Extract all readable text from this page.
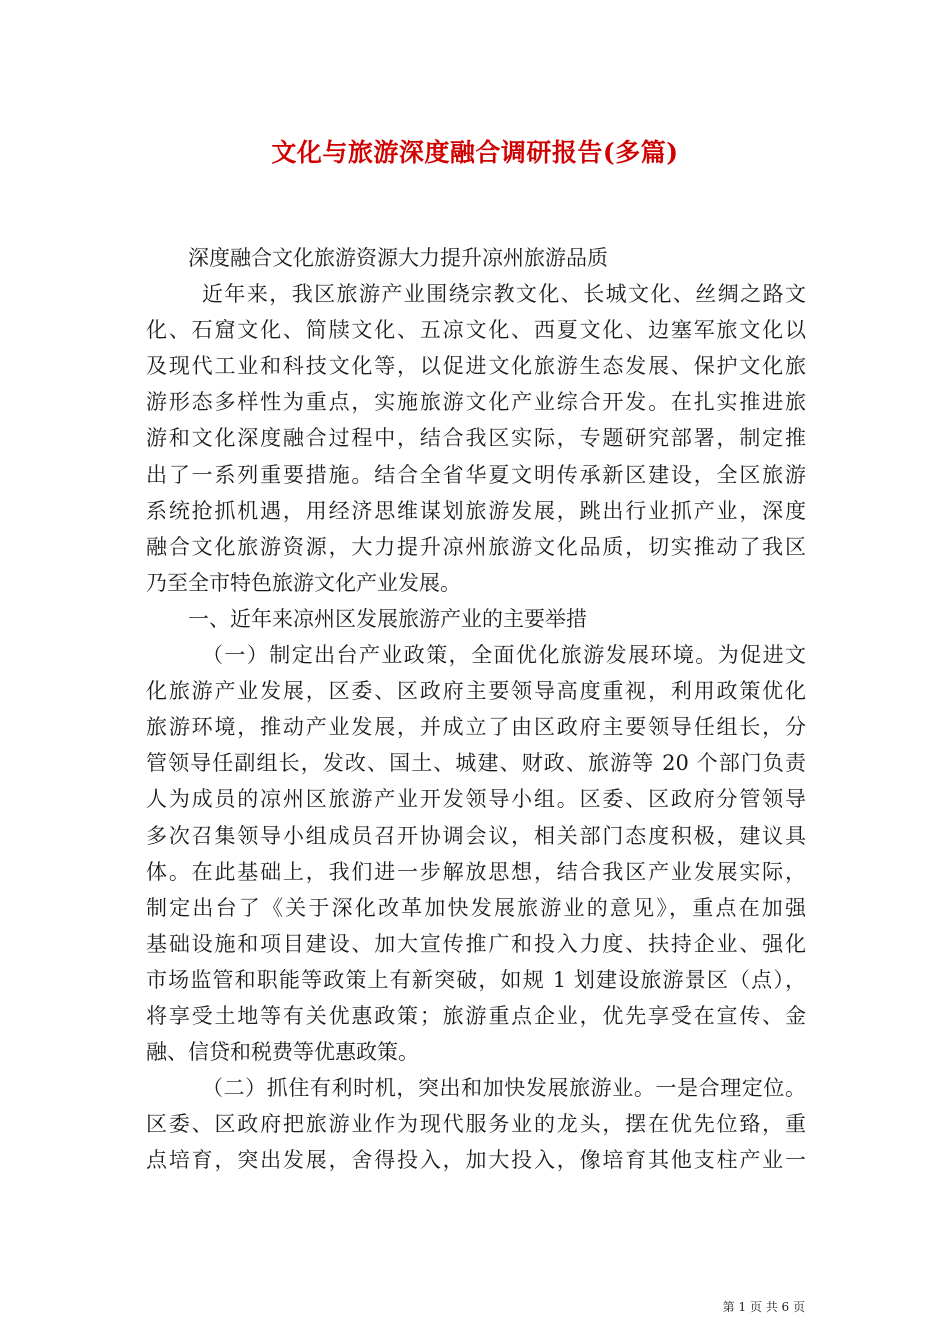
文化与旅游深度融合调研报告(多篇)
深度融合文化旅游资源大力提升凉州旅游品质
近年来，我区旅游产业围绕宗教文化、长城文化、丝绸之路文
化、石窟文化、简牍文化、五凉文化、西夏文化、边塞军旅文化以
及现代工业和科技文化等，以促进文化旅游生态发展、保护文化旅
游形态多样性为重点，实施旅游文化产业综合开发。在扎实推进旅
游和文化深度融合过程中，结合我区实际，专题研究部署，制定推
出了一系列重要措施。结合全省华夏文明传承新区建设，全区旅游
系统抢抓机遇，用经济思维谋划旅游发展，跳出行业抓产业，深度
融合文化旅游资源，大力提升凉州旅游文化品质，切实推动了我区
乃至全市特色旅游文化产业发展。
一、近年来凉州区发展旅游产业的主要举措
（一）制定出台产业政策，全面优化旅游发展环境。为促进文
化旅游产业发展，区委、区政府主要领导高度重视，利用政策优化
旅游环境，推动产业发展，并成立了由区政府主要领导任组长，分
管领导任副组长，发改、国土、城建、财政、旅游等 20 个部门负责
人为成员的凉州区旅游产业开发领导小组。区委、区政府分管领导
多次召集领导小组成员召开协调会议，相关部门态度积极，建议具
体。在此基础上，我们进一步解放思想，结合我区产业发展实际，
制定出台了《关于深化改革加快发展旅游业的意见》，重点在加强
基础设施和项目建设、加大宣传推广和投入力度、扶持企业、强化
市场监管和职能等政策上有新突破，如规 1 划建设旅游景区（点），
将享受土地等有关优惠政策；旅游重点企业，优先享受在宣传、金
融、信贷和税费等优惠政策。
（二）抓住有利时机，突出和加快发展旅游业。一是合理定位。
区委、区政府把旅游业作为现代服务业的龙头，摆在优先位臵，重
点培育，突出发展，舍得投入，加大投入，像培育其他支柱产业一
第 1 页 共 6 页
